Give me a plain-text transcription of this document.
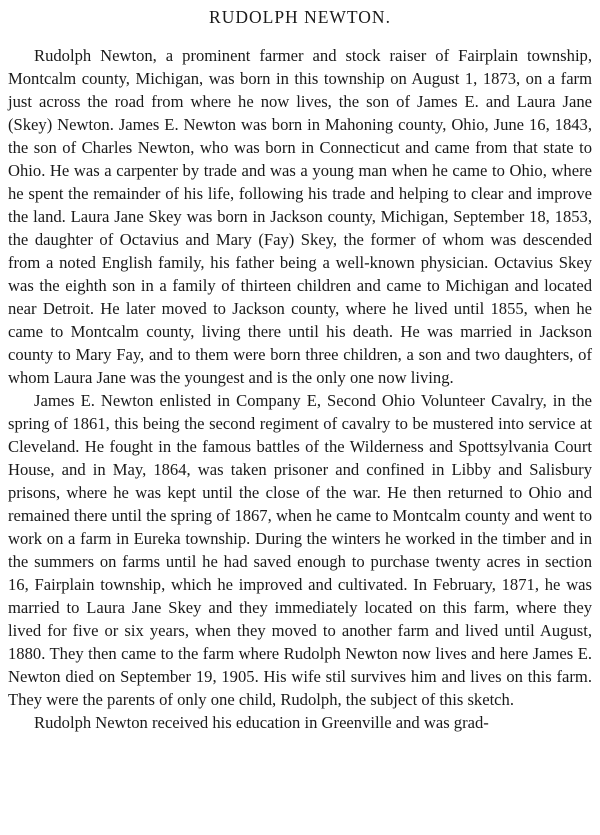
RUDOLPH NEWTON.

Rudolph Newton, a prominent farmer and stock raiser of Fairplain township, Montcalm county, Michigan, was born in this township on August 1, 1873, on a farm just across the road from where he now lives, the son of James E. and Laura Jane (Skey) Newton. James E. Newton was born in Mahoning county, Ohio, June 16, 1843, the son of Charles Newton, who was born in Connecticut and came from that state to Ohio. He was a carpenter by trade and was a young man when he came to Ohio, where he spent the remainder of his life, following his trade and helping to clear and improve the land. Laura Jane Skey was born in Jackson county, Michigan, September 18, 1853, the daughter of Octavius and Mary (Fay) Skey, the former of whom was descended from a noted English family, his father being a well-known physician. Octavius Skey was the eighth son in a family of thirteen children and came to Michigan and located near Detroit. He later moved to Jackson county, where he lived until 1855, when he came to Montcalm county, living there until his death. He was married in Jackson county to Mary Fay, and to them were born three children, a son and two daughters, of whom Laura Jane was the youngest and is the only one now living.

James E. Newton enlisted in Company E, Second Ohio Volunteer Cavalry, in the spring of 1861, this being the second regiment of cavalry to be mustered into service at Cleveland. He fought in the famous battles of the Wilderness and Spottsylvania Court House, and in May, 1864, was taken prisoner and confined in Libby and Salisbury prisons, where he was kept until the close of the war. He then returned to Ohio and remained there until the spring of 1867, when he came to Montcalm county and went to work on a farm in Eureka township. During the winters he worked in the timber and in the summers on farms until he had saved enough to purchase twenty acres in section 16, Fairplain township, which he improved and cultivated. In February, 1871, he was married to Laura Jane Skey and they immediately located on this farm, where they lived for five or six years, when they moved to another farm and lived until August, 1880. They then came to the farm where Rudolph Newton now lives and here James E. Newton died on September 19, 1905. His wife stil survives him and lives on this farm. They were the parents of only one child, Rudolph, the subject of this sketch.

Rudolph Newton received his education in Greenville and was grad-
